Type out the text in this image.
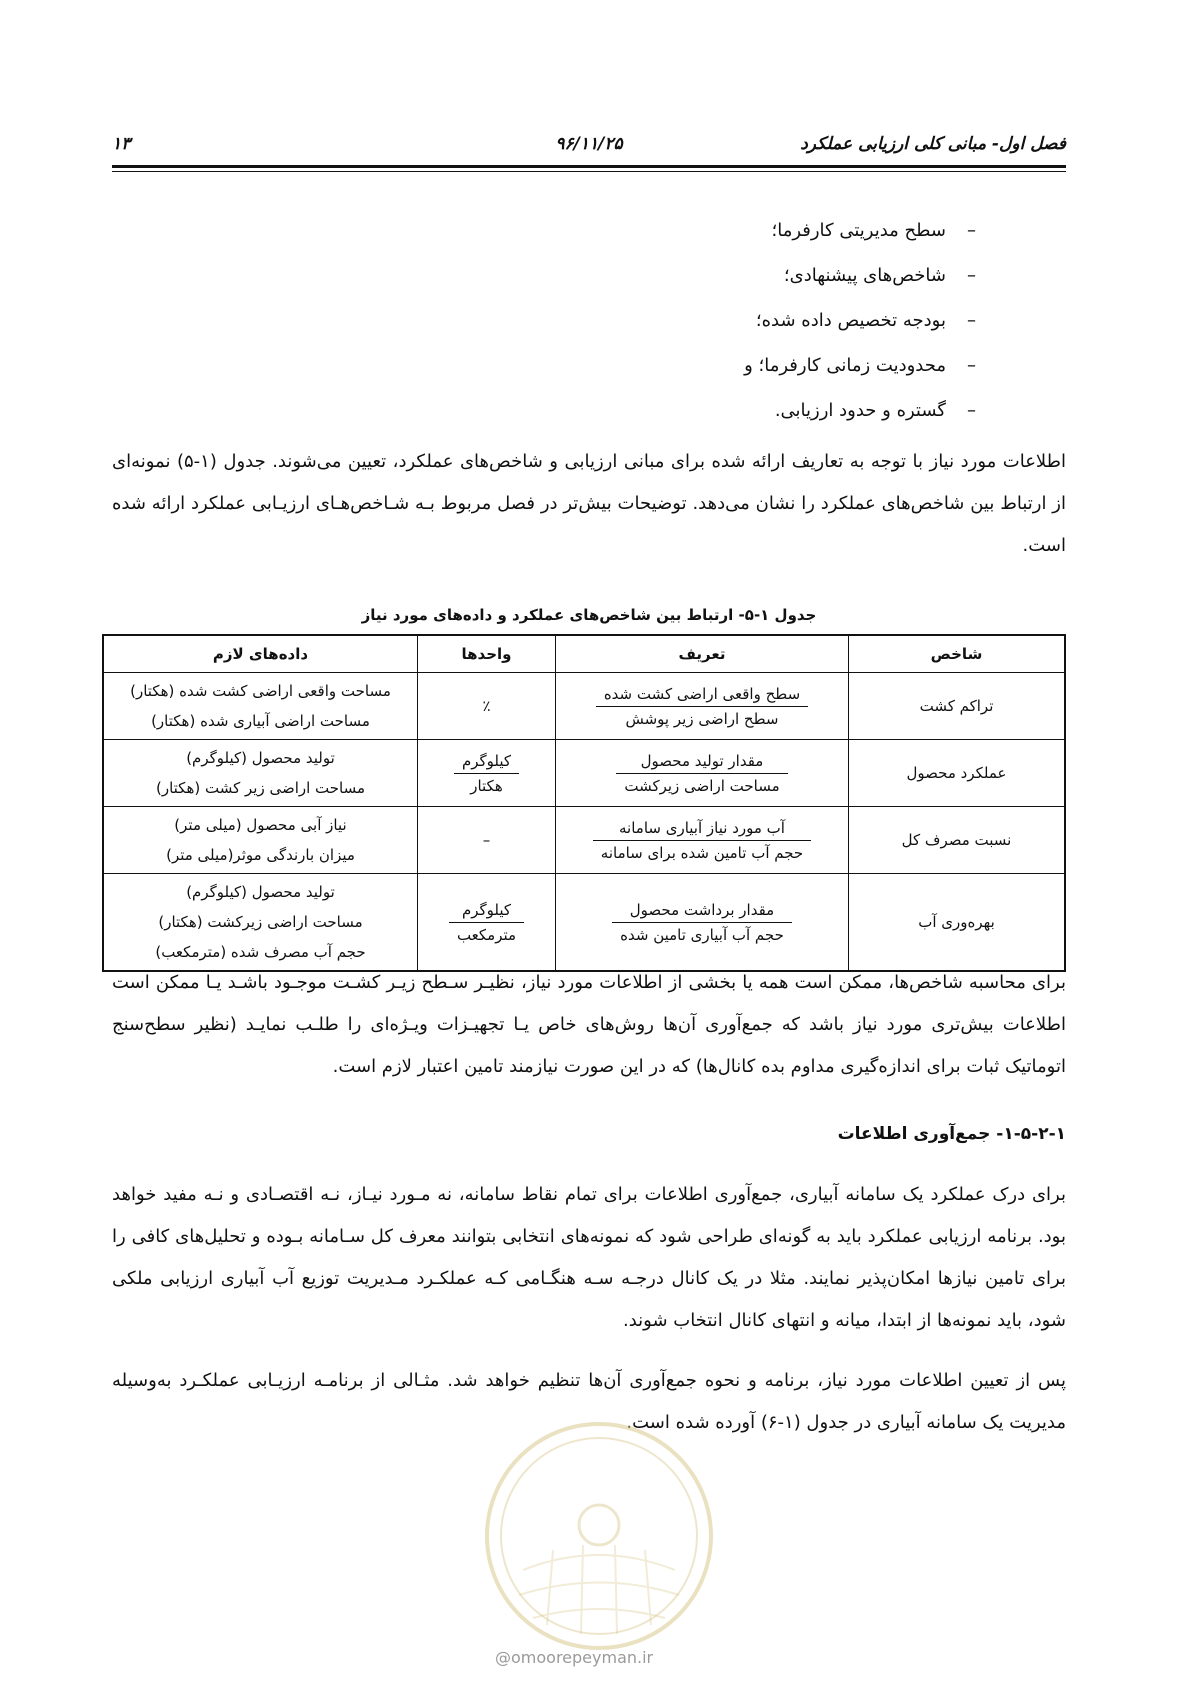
فصل اول- مبانی کلی ارزیابی عملکرد
۹۶/۱۱/۲۵
۱۳
–سطح مدیریتی کارفرما؛
–شاخص‌های پیشنهادی؛
–بودجه تخصیص داده شده؛
–محدودیت زمانی کارفرما؛ و
–گستره و حدود ارزیابی.

اطلاعات مورد نیاز با توجه به تعاریف ارائه شده برای مبانی ارزیابی و شاخص‌های عملکرد، تعیین می‌شوند. جدول (۱-۵) نمونه‌ای از ارتباط بین شاخص‌های عملکرد را نشان می‌دهد. توضیحات بیش‌تر در فصل مربوط بـه شـاخص‌هـای ارزیـابی عملکرد ارائه شده است.

جدول ۱-۵- ارتباط بین شاخص‌های عملکرد و داده‌های مورد نیاز
شاخص	تعریف	واحدها	داده‌های لازم
تراکم کشت	$\frac{\text{سطح واقعی اراضی کشت شده}}{\text{سطح اراضی زیر پوشش}}$	٪	مساحت واقعی اراضی کشت شده (هکتار)
مساحت اراضی آبیاری شده (هکتار)

عملکرد محصول	$\frac{\text{مقدار تولید محصول}}{\text{مساحت اراضی زیرکشت}}$	$\frac{\text{کیلوگرم}}{\text{هکتار}}$	تولید محصول (کیلوگرم)
مساحت اراضی زیر کشت (هکتار)

نسبت مصرف کل	$\frac{\text{آب مورد نیاز آبیاری سامانه}}{\text{حجم آب تامین شده برای سامانه}}$	–	نیاز آبی محصول (میلی متر)
میزان بارندگی موثر(میلی متر)

بهره‌وری آب	$\frac{\text{مقدار برداشت محصول}}{\text{حجم آب آبیاری تامین شده}}$	$\frac{\text{کیلوگرم}}{\text{مترمکعب}}$	تولید محصول (کیلوگرم)
مساحت اراضی زیرکشت (هکتار)
حجم آب مصرف شده (مترمکعب)

برای محاسبه شاخص‌ها، ممکن است همه یا بخشی از اطلاعات مورد نیاز، نظیـر سـطح زیـر کشـت موجـود باشـد یـا ممکن است اطلاعات بیش‌تری مورد نیاز باشد که جمع‌آوری آن‌ها روش‌های خاص یـا تجهیـزات ویـژه‌ای را طلـب نمایـد (نظیر سطح‌سنج اتوماتیک ثبات برای اندازه‌گیری مداوم بده کانال‌ها) که در این صورت نیازمند تامین اعتبار لازم است.

۱-۵-۲-۱- جمع‌آوری اطلاعات

برای درک عملکرد یک سامانه آبیاری، جمع‌آوری اطلاعات برای تمام نقاط سامانه، نه مـورد نیـاز، نـه اقتصـادی و نـه مفید خواهد بود. برنامه ارزیابی عملکرد باید به گونه‌ای طراحی شود که نمونه‌های انتخابی بتوانند معرف کل سـامانه بـوده و تحلیل‌های کافی را برای تامین نیازها امکان‌پذیر نمایند. مثلا در یک کانال درجـه سـه هنگـامی کـه عملکـرد مـدیریت توزیع آب آبیاری ارزیابی ملکی شود، باید نمونه‌ها از ابتدا، میانه و انتهای کانال انتخاب شوند.

پس از تعیین اطلاعات مورد نیاز، برنامه و نحوه جمع‌آوری آن‌ها تنظیم خواهد شد. مثـالی از برنامـه ارزیـابی عملکـرد به‌وسیله مدیریت یک سامانه آبیاری در جدول (۱-۶) آورده شده است.

@omoorepeyman.ir
